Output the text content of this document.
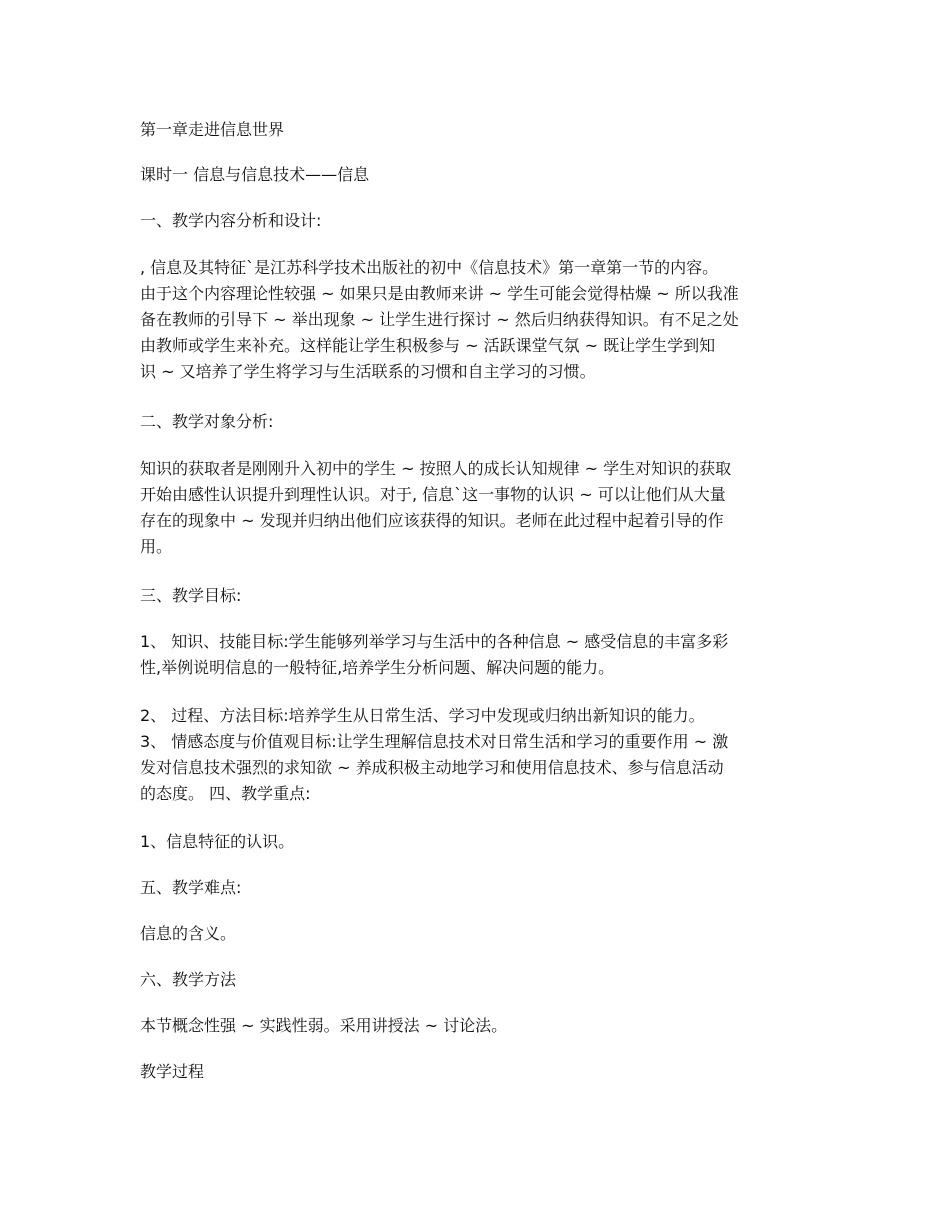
第一章走进信息世界

课时一 信息与信息技术——信息

一、教学内容分析和设计:

, 信息及其特征`是江苏科学技术出版社的初中《信息技术》第一章第一节的内容。
由于这个内容理论性较强 ~ 如果只是由教师来讲 ~ 学生可能会觉得枯燥 ~ 所以我准
备在教师的引导下 ~ 举出现象 ~ 让学生进行探讨 ~ 然后归纳获得知识。有不足之处
由教师或学生来补充。这样能让学生积极参与 ~ 活跃课堂气氛 ~ 既让学生学到知
识 ~ 又培养了学生将学习与生活联系的习惯和自主学习的习惯。

二、教学对象分析:

知识的获取者是刚刚升入初中的学生 ~ 按照人的成长认知规律 ~ 学生对知识的获取
开始由感性认识提升到理性认识。对于, 信息`这一事物的认识 ~ 可以让他们从大量
存在的现象中 ~ 发现并归纳出他们应该获得的知识。老师在此过程中起着引导的作
用。

三、教学目标:

1、 知识、技能目标:学生能够列举学习与生活中的各种信息 ~ 感受信息的丰富多彩
性,举例说明信息的一般特征,培养学生分析问题、解决问题的能力。
2、 过程、方法目标:培养学生从日常生活、学习中发现或归纳出新知识的能力。
3、 情感态度与价值观目标:让学生理解信息技术对日常生活和学习的重要作用 ~ 激
发对信息技术强烈的求知欲 ~ 养成积极主动地学习和使用信息技术、参与信息活动
的态度。 四、教学重点:

1、信息特征的认识。

五、教学难点:

信息的含义。

六、教学方法

本节概念性强 ~ 实践性弱。采用讲授法 ~ 讨论法。

教学过程
